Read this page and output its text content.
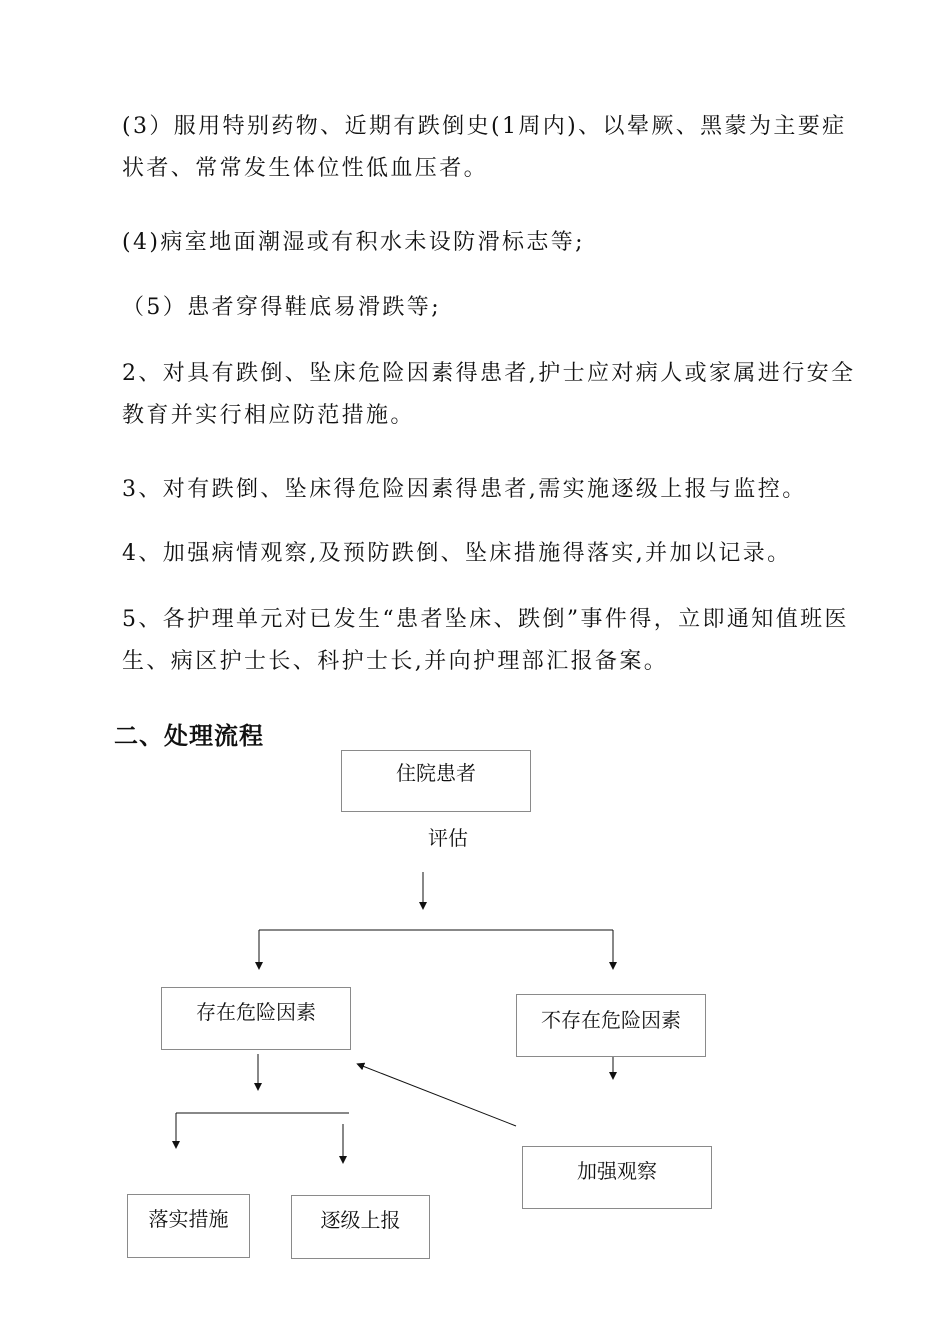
(3）服用特别药物、近期有跌倒史(1周内)、以晕厥、黑蒙为主要症状者、常常发生体位性低血压者。

(4)病室地面潮湿或有积水未设防滑标志等;

（5）患者穿得鞋底易滑跌等;

2、对具有跌倒、坠床危险因素得患者,护士应对病人或家属进行安全教育并实行相应防范措施。

3、对有跌倒、坠床得危险因素得患者,需实施逐级上报与监控。

4、加强病情观察,及预防跌倒、坠床措施得落实,并加以记录。

5、各护理单元对已发生“患者坠床、跌倒”事件得，立即通知值班医生、病区护士长、科护士长,并向护理部汇报备案。

二、处理流程
住院患者
评估
存在危险因素	不存在危险因素
加强观察
落实措施	逐级上报
